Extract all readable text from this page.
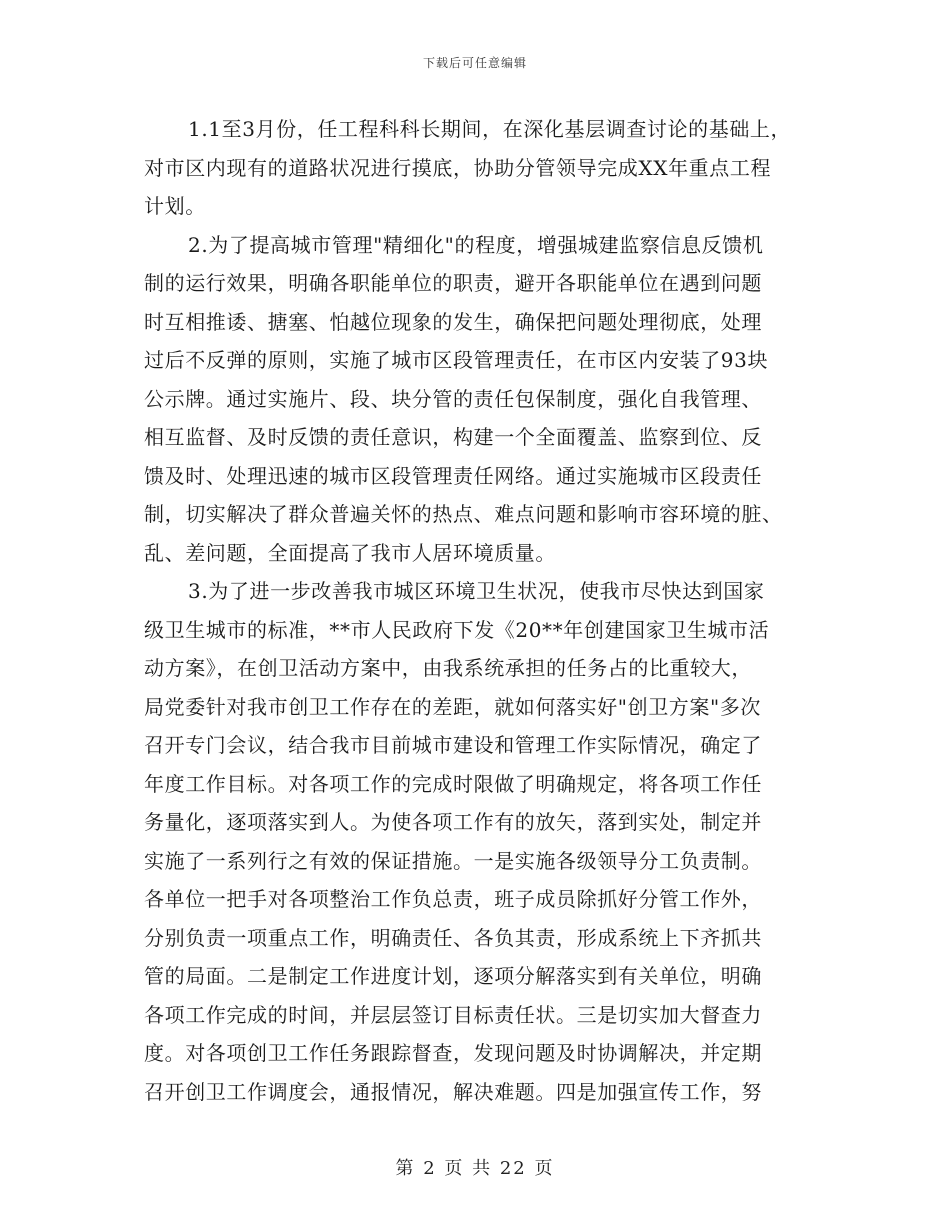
下载后可任意编辑
1.1至3月份，任工程科科长期间，在深化基层调查讨论的基础上，
对市区内现有的道路状况进行摸底，协助分管领导完成XX年重点工程
计划。
2.为了提高城市管理"精细化"的程度，增强城建监察信息反馈机
制的运行效果，明确各职能单位的职责，避开各职能单位在遇到问题
时互相推诿、搪塞、怕越位现象的发生，确保把问题处理彻底，处理
过后不反弹的原则，实施了城市区段管理责任，在市区内安装了93块
公示牌。通过实施片、段、块分管的责任包保制度，强化自我管理、
相互监督、及时反馈的责任意识，构建一个全面覆盖、监察到位、反
馈及时、处理迅速的城市区段管理责任网络。通过实施城市区段责任
制，切实解决了群众普遍关怀的热点、难点问题和影响市容环境的脏、
乱、差问题，全面提高了我市人居环境质量。
3.为了进一步改善我市城区环境卫生状况，使我市尽快达到国家
级卫生城市的标准，**市人民政府下发《20**年创建国家卫生城市活
动方案》，在创卫活动方案中，由我系统承担的任务占的比重较大，
局党委针对我市创卫工作存在的差距，就如何落实好"创卫方案"多次
召开专门会议，结合我市目前城市建设和管理工作实际情况，确定了
年度工作目标。对各项工作的完成时限做了明确规定，将各项工作任
务量化，逐项落实到人。为使各项工作有的放矢，落到实处，制定并
实施了一系列行之有效的保证措施。一是实施各级领导分工负责制。
各单位一把手对各项整治工作负总责，班子成员除抓好分管工作外，
分别负责一项重点工作，明确责任、各负其责，形成系统上下齐抓共
管的局面。二是制定工作进度计划，逐项分解落实到有关单位，明确
各项工作完成的时间，并层层签订目标责任状。三是切实加大督查力
度。对各项创卫工作任务跟踪督查，发现问题及时协调解决，并定期
召开创卫工作调度会，通报情况，解决难题。四是加强宣传工作，努
第 2 页 共 22 页
